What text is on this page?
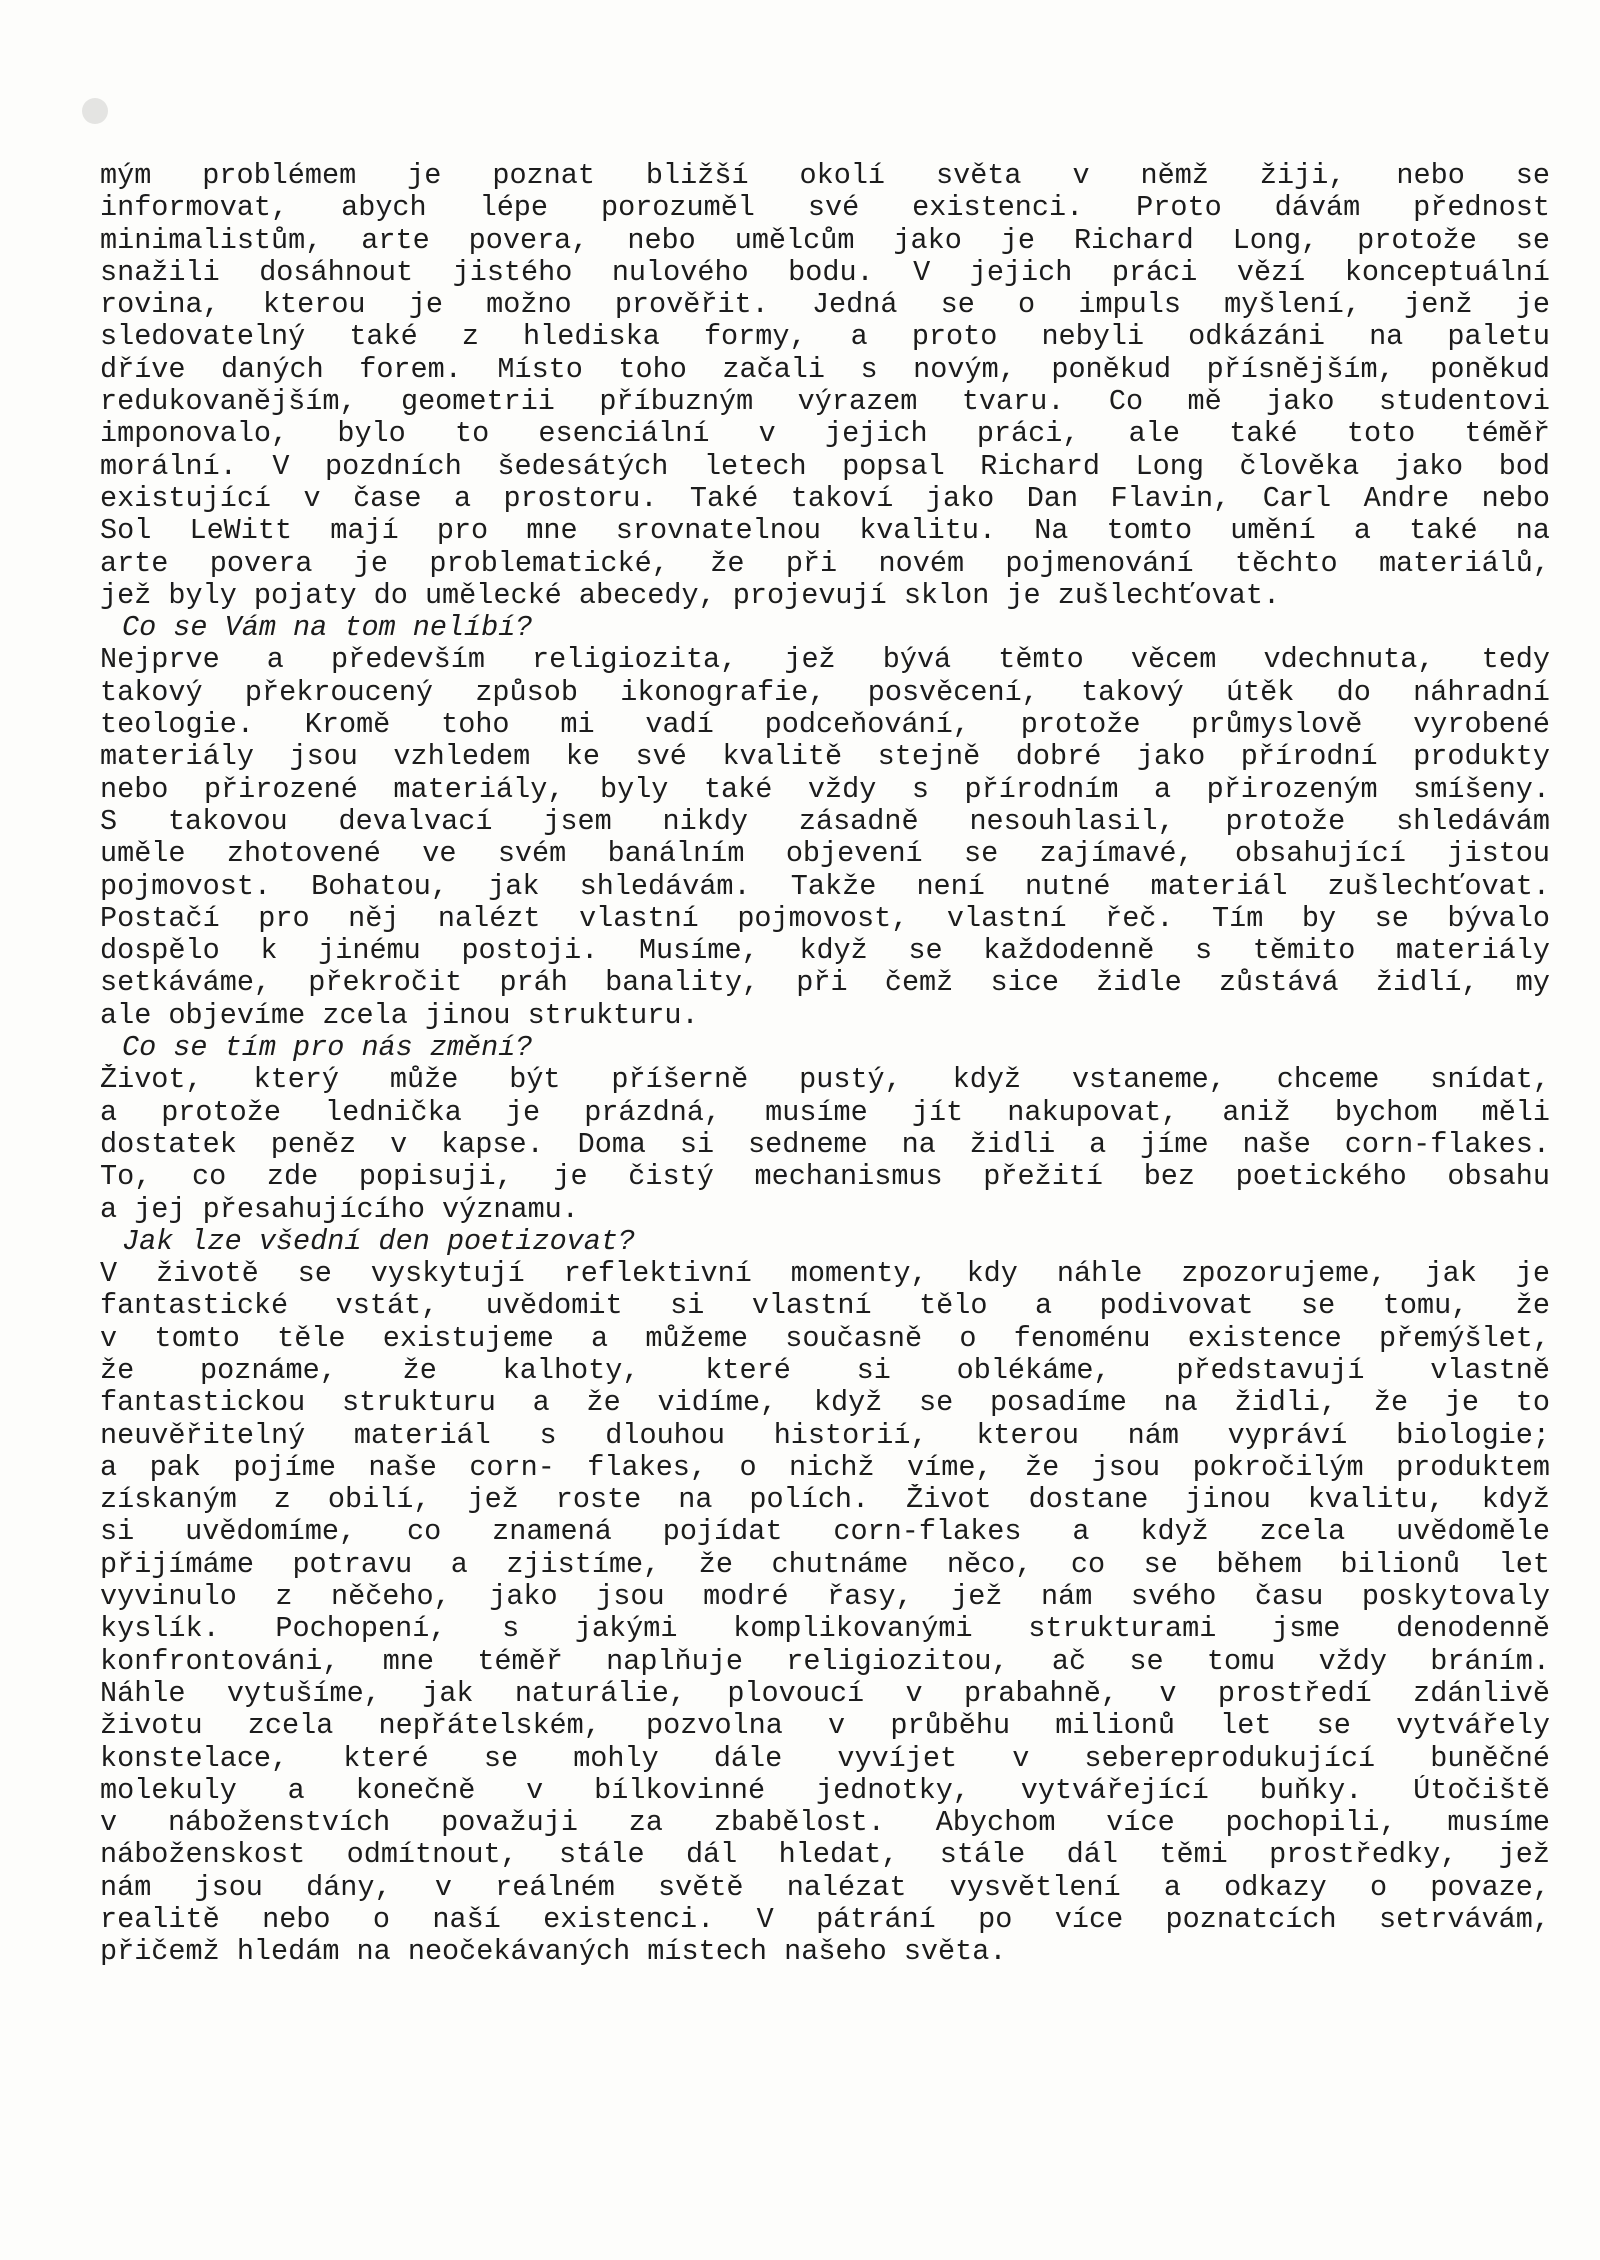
mým problémem je poznat bližší okolí světa v němž žiji, nebo se
informovat, abych lépe porozuměl své existenci. Proto dávám přednost
minimalistům, arte povera, nebo umělcům jako je Richard Long, protože se
snažili dosáhnout jistého nulového bodu. V jejich práci vězí konceptuální
rovina, kterou je možno prověřit. Jedná se o impuls myšlení, jenž je
sledovatelný také z hlediska formy, a proto nebyli odkázáni na paletu
dříve daných forem. Místo toho začali s novým, poněkud přísnějším, poněkud
redukovanějším, geometrii příbuzným výrazem tvaru. Co mě jako studentovi
imponovalo, bylo to esenciální v jejich práci, ale také toto téměř
morální. V pozdních šedesátých letech popsal Richard Long člověka jako bod
existující v čase a prostoru. Také takoví jako Dan Flavin, Carl Andre nebo
Sol LeWitt mají pro mne srovnatelnou kvalitu. Na tomto umění a také na
arte povera je problematické, že při novém pojmenování těchto materiálů,
jež byly pojaty do umělecké abecedy, projevují sklon je zušlechťovat.
Co se Vám na tom nelíbí?
Nejprve a především religiozita, jež bývá těmto věcem vdechnuta, tedy
takový překroucený způsob ikonografie, posvěcení, takový útěk do náhradní
teologie. Kromě toho mi vadí podceňování, protože průmyslově vyrobené
materiály jsou vzhledem ke své kvalitě stejně dobré jako přírodní produkty
nebo přirozené materiály, byly také vždy s přírodním a přirozeným smíšeny.
S takovou devalvací jsem nikdy zásadně nesouhlasil, protože shledávám
uměle zhotovené ve svém banálním objevení se zajímavé, obsahující jistou
pojmovost. Bohatou, jak shledávám. Takže není nutné materiál zušlechťovat.
Postačí pro něj nalézt vlastní pojmovost, vlastní řeč. Tím by se bývalo
dospělo k jinému postoji. Musíme, když se každodenně s těmito materiály
setkáváme, překročit práh banality, při čemž sice židle zůstává židlí, my
ale objevíme zcela jinou strukturu.
Co se tím pro nás změní?
Život, který může být příšerně pustý, když vstaneme, chceme snídat,
a protože lednička je prázdná, musíme jít nakupovat, aniž bychom měli
dostatek peněz v kapse. Doma si sedneme na židli a jíme naše corn-flakes.
To, co zde popisuji, je čistý mechanismus přežití bez poetického obsahu
a jej přesahujícího významu.
Jak lze všední den poetizovat?
V životě se vyskytují reflektivní momenty, kdy náhle zpozorujeme, jak je
fantastické vstát, uvědomit si vlastní tělo a podivovat se tomu, že
v tomto těle existujeme a můžeme současně o fenoménu existence přemýšlet,
že poznáme, že kalhoty, které si oblékáme, představují vlastně
fantastickou strukturu a že vidíme, když se posadíme na židli, že je to
neuvěřitelný materiál s dlouhou historií, kterou nám vypráví biologie;
a pak pojíme naše corn- flakes, o nichž víme, že jsou pokročilým produktem
získaným z obilí, jež roste na polích. Život dostane jinou kvalitu, když
si uvědomíme, co znamená pojídat corn-flakes a když zcela uvědoměle
přijímáme potravu a zjistíme, že chutnáme něco, co se během bilionů let
vyvinulo z něčeho, jako jsou modré řasy, jež nám svého času poskytovaly
kyslík. Pochopení, s jakými komplikovanými strukturami jsme denodenně
konfrontováni, mne téměř naplňuje religiozitou, ač se tomu vždy bráním.
Náhle vytušíme, jak naturálie, plovoucí v prabahně, v prostředí zdánlivě
životu zcela nepřátelském, pozvolna v průběhu milionů let se vytvářely
konstelace, které se mohly dále vyvíjet v sebereprodukující buněčné
molekuly a konečně v bílkovinné jednotky, vytvářející buňky. Útočiště
v náboženstvích považuji za zbabělost. Abychom více pochopili, musíme
náboženskost odmítnout, stále dál hledat, stále dál těmi prostředky, jež
nám jsou dány, v reálném světě nalézat vysvětlení a odkazy o povaze,
realitě nebo o naší existenci. V pátrání po více poznatcích setrvávám,
přičemž hledám na neočekávaných místech našeho světa.
